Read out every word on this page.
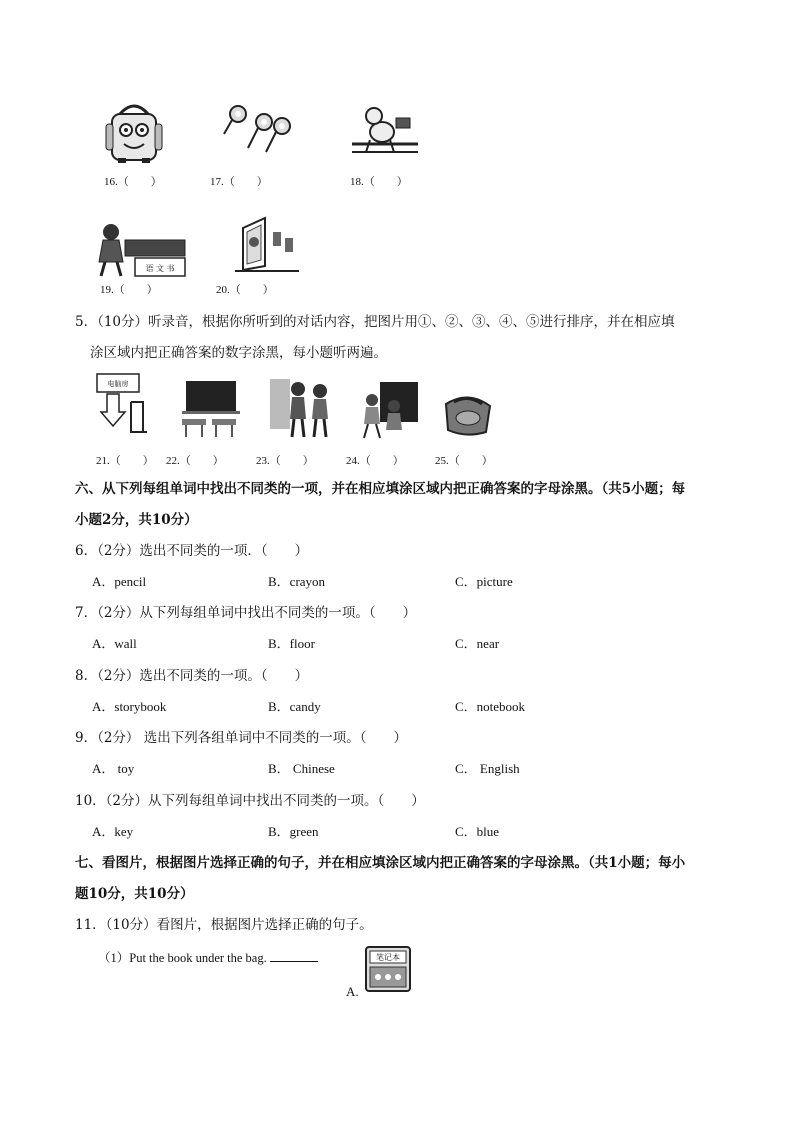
16.（　　）	17.（　　）	18.（　　）
语 文 书
19.（　　）	20.（　　）
5．（10分）听录音，根据你所听到的对话内容，把图片用①、②、③、④、⑤进行排序，并在相应填
涂区域内把正确答案的数字涂黑，每小题听两遍。
电脑房
21.（　　） 22.（　　）	23.（　　）	24.（　　）	25.（　　）
六、从下列每组单词中找出不同类的一项，并在相应填涂区域内把正确答案的字母涂黑。（共5小题；每
小题2分，共10分）
6．（2分）选出不同类的一项．（　　）
A．pencil	B．crayon	C．picture
7．（2分）从下列每组单词中找出不同类的一项。（　　）
A．wall	B．floor	C．near
8．（2分）选出不同类的一项。（　　）
A．storybook	B．candy	C．notebook
9．（2分） 选出下列各组单词中不同类的一项。（　　）
A． toy	B． Chinese	C． English
10．（2分）从下列每组单词中找出不同类的一项。（　　）
A．key	B．green	C．blue
七、看图片，根据图片选择正确的句子，并在相应填涂区域内把正确答案的字母涂黑。（共1小题；每小
题10分，共10分）
11．（10分）看图片，根据图片选择正确的句子。
（1）Put the book under the bag.
A.
笔记本
